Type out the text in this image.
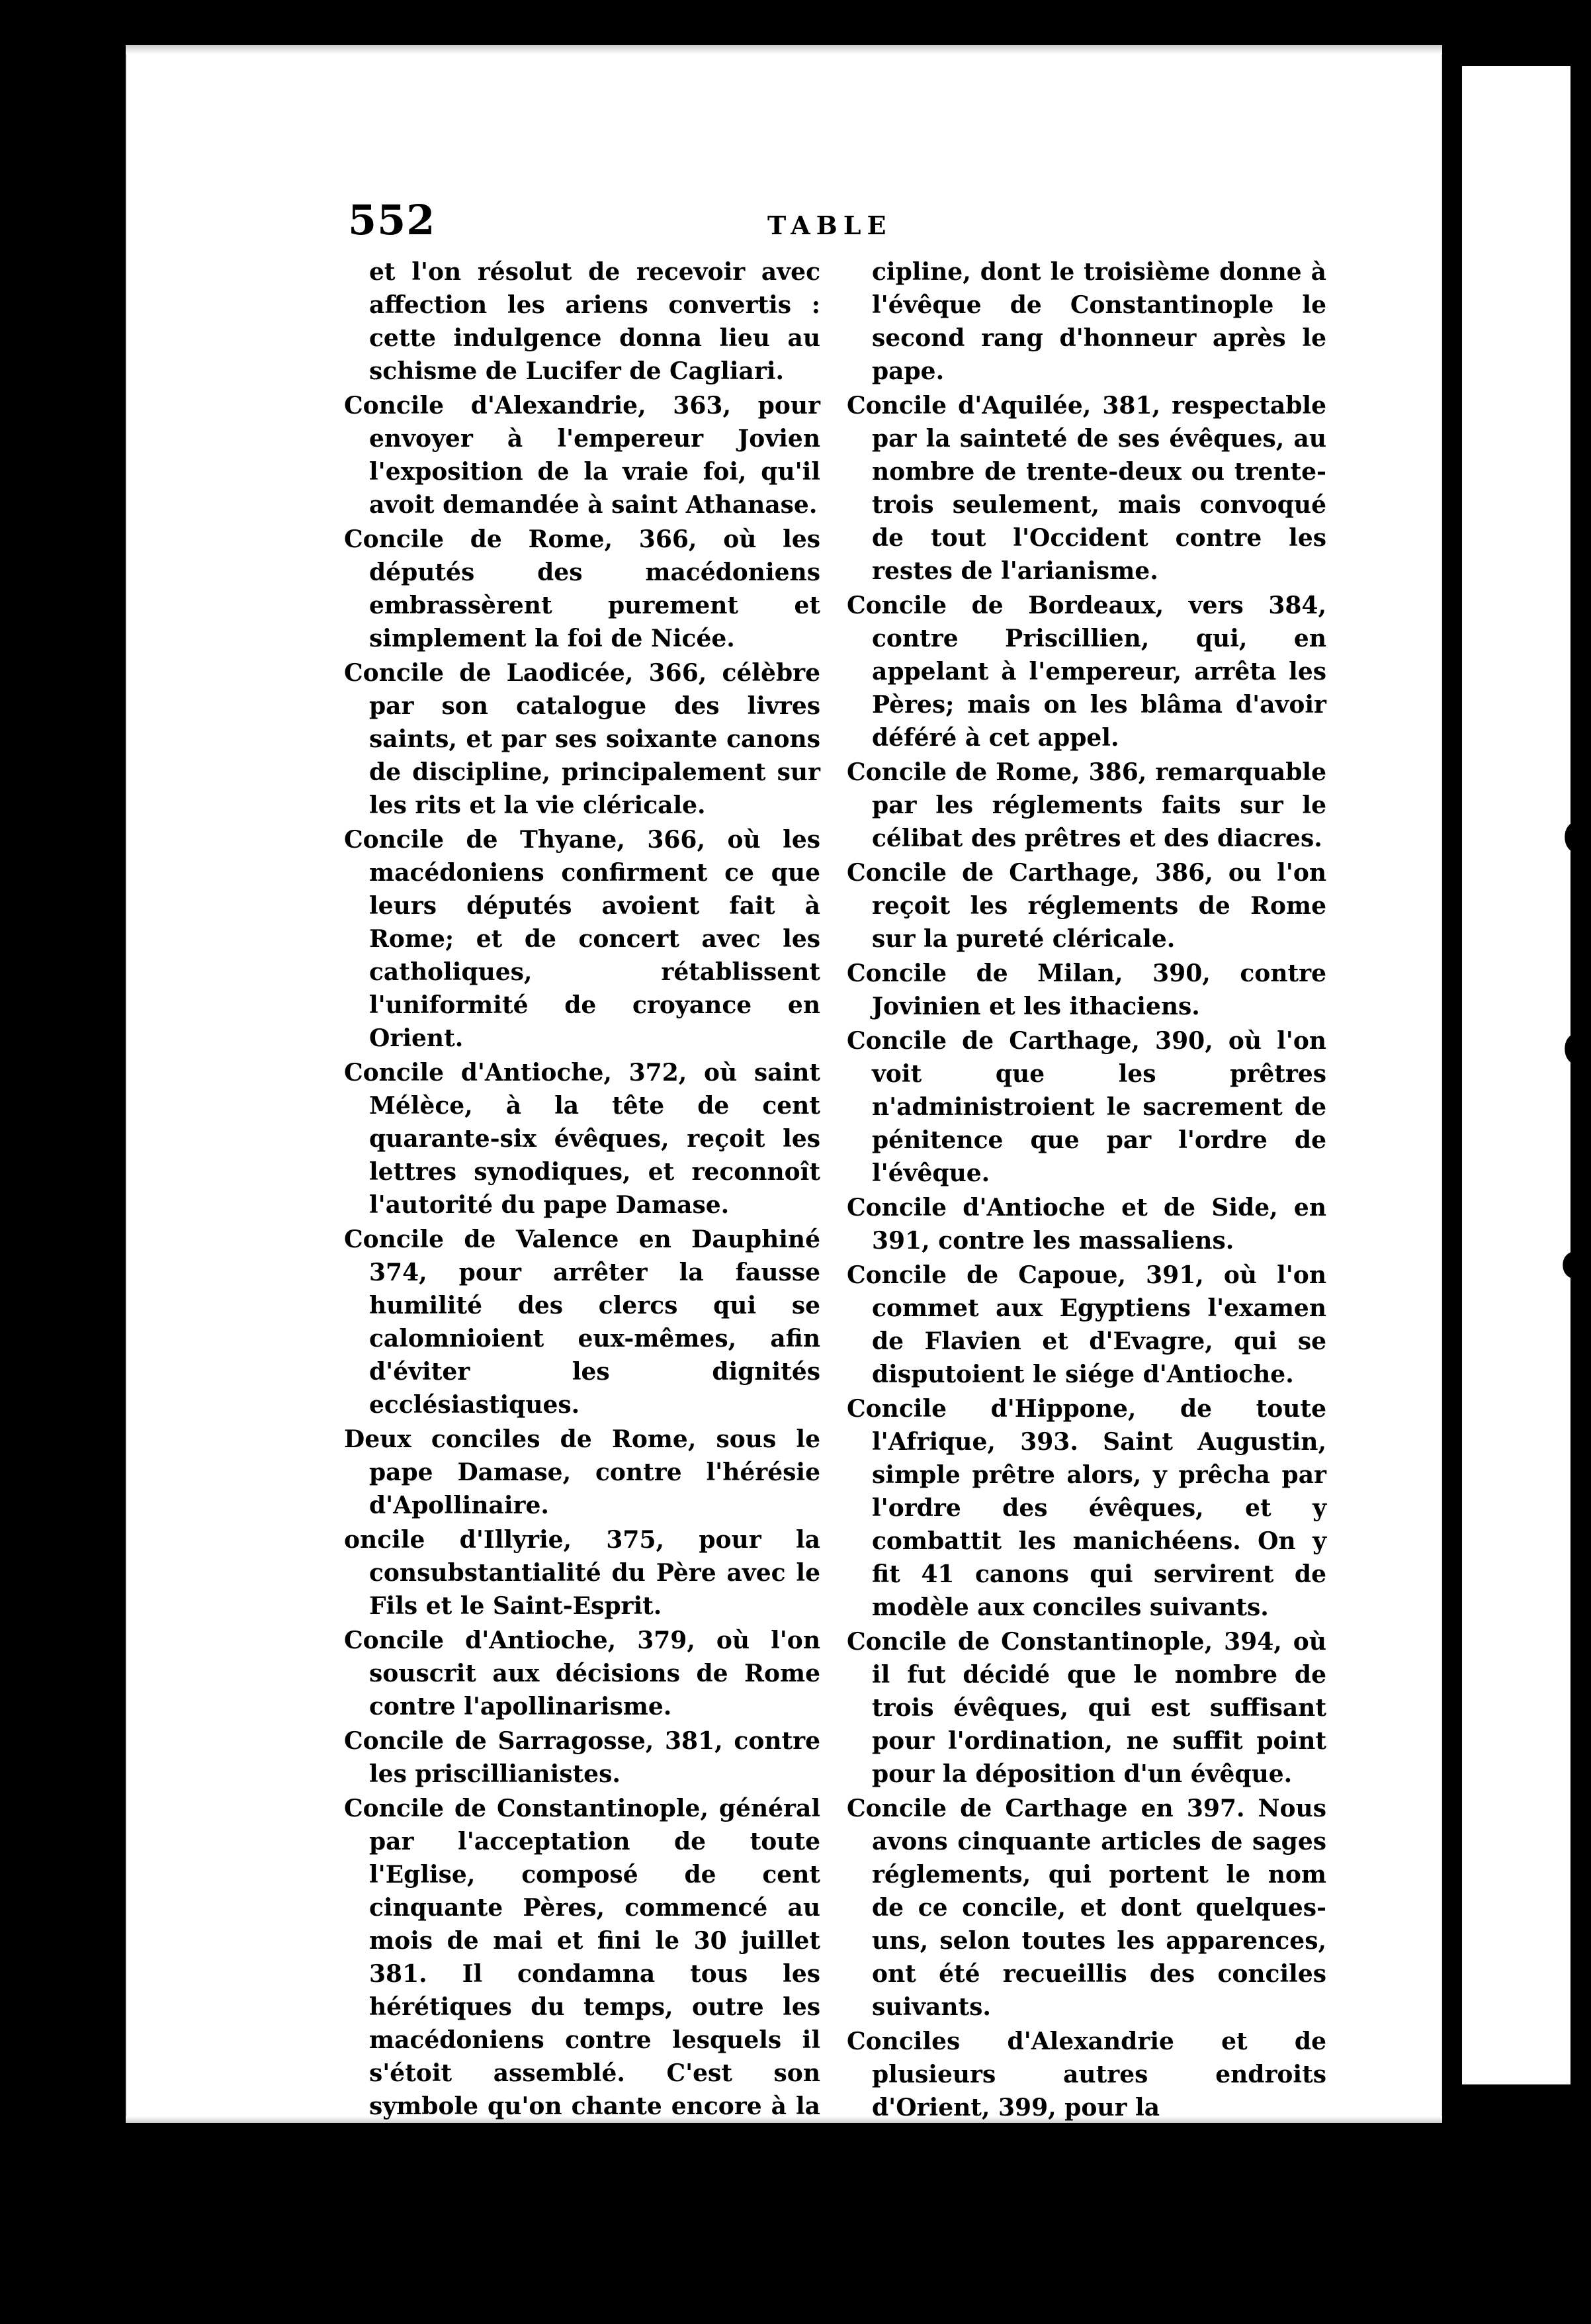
(
(
C
552	TABLE

et l'on résolut de recevoir avec affection les ariens convertis : cette indulgence donna lieu au schisme de Lucifer de Cagliari.

Concile d'Alexandrie, 363, pour envoyer à l'empereur Jovien l'exposition de la vraie foi, qu'il avoit demandée à saint Athanase.

Concile de Rome, 366, où les députés des macédoniens embrassèrent purement et simplement la foi de Nicée.

Concile de Laodicée, 366, célèbre par son catalogue des livres saints, et par ses soixante canons de discipline, principalement sur les rits et la vie cléricale.

Concile de Thyane, 366, où les macédoniens confirment ce que leurs députés avoient fait à Rome; et de concert avec les catholiques, rétablissent l'uniformité de croyance en Orient.

Concile d'Antioche, 372, où saint Mélèce, à la tête de cent quarante-six évêques, reçoit les lettres synodiques, et reconnoît l'autorité du pape Damase.

Concile de Valence en Dauphiné 374, pour arrêter la fausse humilité des clercs qui se calomnioient eux-mêmes, afin d'éviter les dignités ecclésiastiques.

Deux conciles de Rome, sous le pape Damase, contre l'hérésie d'Apollinaire.

oncile d'Illyrie, 375, pour la consubstantialité du Père avec le Fils et le Saint-Esprit.

Concile d'Antioche, 379, où l'on souscrit aux décisions de Rome contre l'apollinarisme.

Concile de Sarragosse, 381, contre les priscillianistes.

Concile de Constantinople, général par l'acceptation de toute l'Eglise, composé de cent cinquante Pères, commencé au mois de mai et fini le 30 juillet 381. Il condamna tous les hérétiques du temps, outre les macédoniens contre lesquels il s'étoit assemblé. C'est son symbole qu'on chante encore à la messe, à l'exception du mot Filioque, qu'on y ajouta depuis. On y fit sept canons de dis-

cipline, dont le troisième donne à l'évêque de Constantinople le second rang d'honneur après le pape.

Concile d'Aquilée, 381, respectable par la sainteté de ses évêques, au nombre de trente-deux ou trente-trois seulement, mais convoqué de tout l'Occident contre les restes de l'arianisme.

Concile de Bordeaux, vers 384, contre Priscillien, qui, en appelant à l'empereur, arrêta les Pères; mais on les blâma d'avoir déféré à cet appel.

Concile de Rome, 386, remarquable par les réglements faits sur le célibat des prêtres et des diacres.

Concile de Carthage, 386, ou l'on reçoit les réglements de Rome sur la pureté cléricale.

Concile de Milan, 390, contre Jovinien et les ithaciens.

Concile de Carthage, 390, où l'on voit que les prêtres n'administroient le sacrement de pénitence que par l'ordre de l'évêque.

Concile d'Antioche et de Side, en 391, contre les massaliens.

Concile de Capoue, 391, où l'on commet aux Egyptiens l'examen de Flavien et d'Evagre, qui se disputoient le siége d'Antioche.

Concile d'Hippone, de toute l'Afrique, 393. Saint Augustin, simple prêtre alors, y prêcha par l'ordre des évêques, et y combattit les manichéens. On y fit 41 canons qui servirent de modèle aux conciles suivants.

Concile de Constantinople, 394, où il fut décidé que le nombre de trois évêques, qui est suffisant pour l'ordination, ne suffit point pour la déposition d'un évêque.

Concile de Carthage en 397. Nous avons cinquante articles de sages réglements, qui portent le nom de ce concile, et dont quelques-uns, selon toutes les apparences, ont été recueillis des conciles suivants.

Conciles d'Alexandrie et de plusieurs autres endroits d'Orient, 399, pour la
